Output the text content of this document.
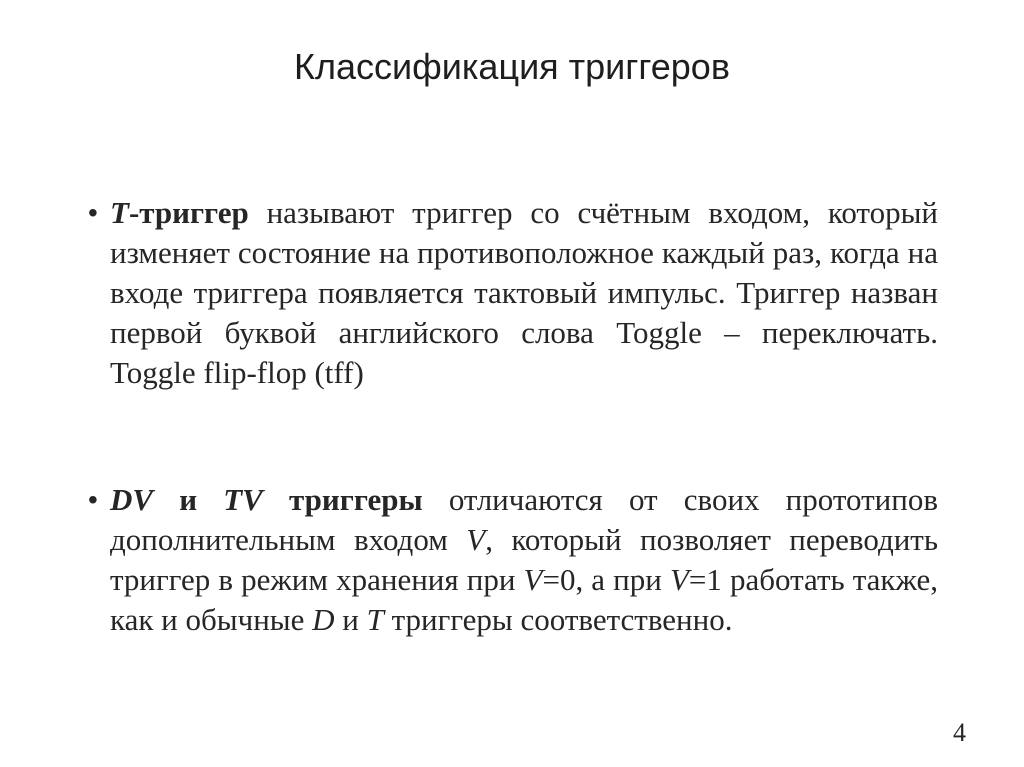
Классификация триггеров
• T-триггер называют триггер со счётным входом, который изменяет состояние на противоположное каждый раз, когда на входе триггера появляется тактовый импульс. Триггер назван первой буквой английского слова Toggle – переключать. Toggle flip-flop (tff)
• DV и TV триггеры отличаются от своих прототипов дополнительным входом V, который позволяет переводить триггер в режим хранения при V=0, а при V=1 работать также, как и обычные D и T триггеры соответственно.
4
